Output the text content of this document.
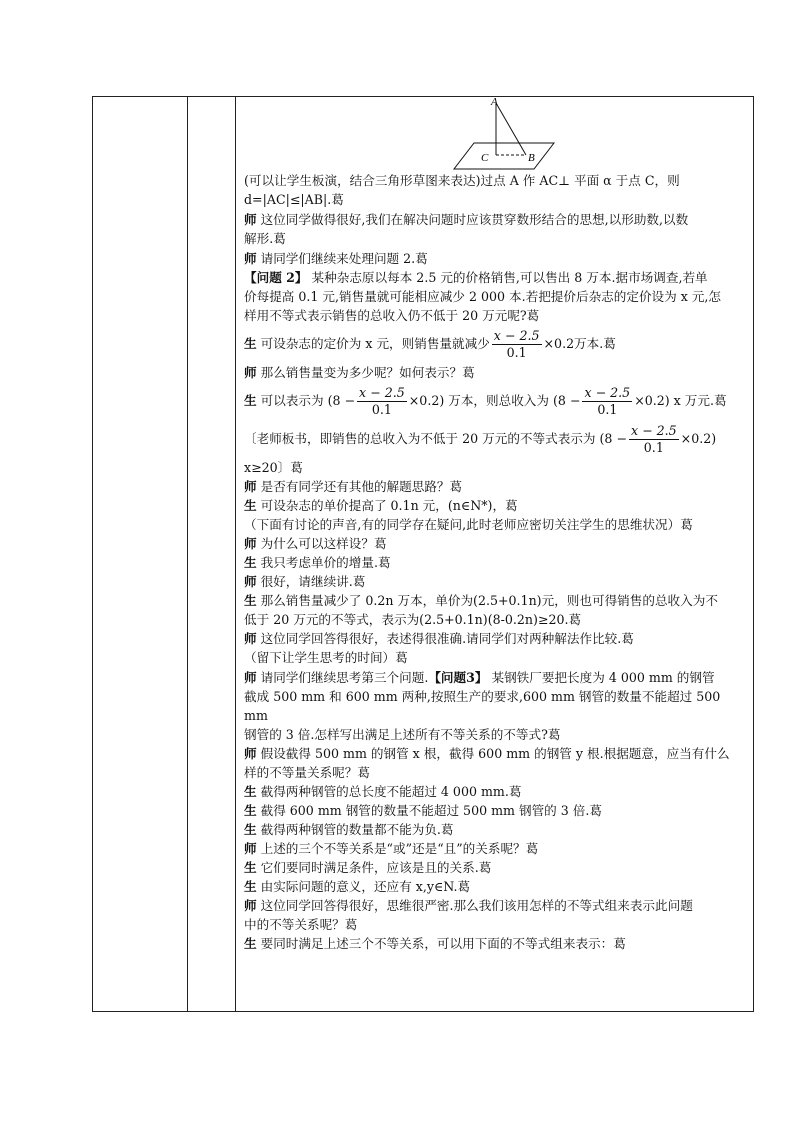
A
C	B

(可以让学生板演，结合三角形草图来表达)过点 A 作 AC⊥ 平面 α 于点 C，则

d=|AC|≤|AB|.葛

师 这位同学做得很好,我们在解决问题时应该贯穿数形结合的思想,以形助数,以数

解形.葛

师 请同学们继续来处理问题 2.葛

【问题 2】 某种杂志原以每本 2.5 元的价格销售,可以售出 8 万本.据市场调查,若单

价每提高 0.1 元,销售量就可能相应减少 2 000 本.若把提价后杂志的定价设为 x 元,怎

样用不等式表示销售的总收入仍不低于 20 万元呢?葛

生 可设杂志的定价为 x 元，则销售量就减少 $\frac{x - 2.5}{0.1} \times 0.2$万本.葛

师 那么销售量变为多少呢？如何表示？葛

生 可以表示为 $(8 - \frac{x - 2.5}{0.1} \times 0.2)$ 万本，则总收入为 $(8 - \frac{x - 2.5}{0.1} \times 0.2)$ x 万元.葛

〔老师板书，即销售的总收入为不低于 20 万元的不等式表示为 $(8 - \frac{x - 2.5}{0.1} \times 0.2)$

x≥20〕葛

师 是否有同学还有其他的解题思路？葛

生 可设杂志的单价提高了 0.1n 元，(n∈N*)，葛

（下面有讨论的声音,有的同学存在疑问,此时老师应密切关注学生的思维状况）葛

师 为什么可以这样设？葛

生 我只考虑单价的增量.葛

师 很好，请继续讲.葛

生 那么销售量减少了 0.2n 万本，单价为(2.5+0.1n)元，则也可得销售的总收入为不

低于 20 万元的不等式，表示为(2.5+0.1n)(8-0.2n)≥20.葛

师 这位同学回答得很好，表述得很准确.请同学们对两种解法作比较.葛

（留下让学生思考的时间）葛

师 请同学们继续思考第三个问题.【问题3】 某钢铁厂要把长度为 4 000 mm 的钢管

截成 500 mm 和 600 mm 两种,按照生产的要求,600 mm 钢管的数量不能超过 500 mm

钢管的 3 倍.怎样写出满足上述所有不等关系的不等式?葛

师 假设截得 500 mm 的钢管 x 根，截得 600 mm 的钢管 y 根.根据题意，应当有什么

样的不等量关系呢？葛

生 截得两种钢管的总长度不能超过 4 000 mm.葛

生 截得 600 mm 钢管的数量不能超过 500 mm 钢管的 3 倍.葛

生 截得两种钢管的数量都不能为负.葛

师 上述的三个不等关系是“或”还是“且”的关系呢？葛

生 它们要同时满足条件，应该是且的关系.葛

生 由实际问题的意义，还应有 x,y∈N.葛

师 这位同学回答得很好，思维很严密.那么我们该用怎样的不等式组来表示此问题

中的不等关系呢？葛

生 要同时满足上述三个不等关系，可以用下面的不等式组来表示：葛
